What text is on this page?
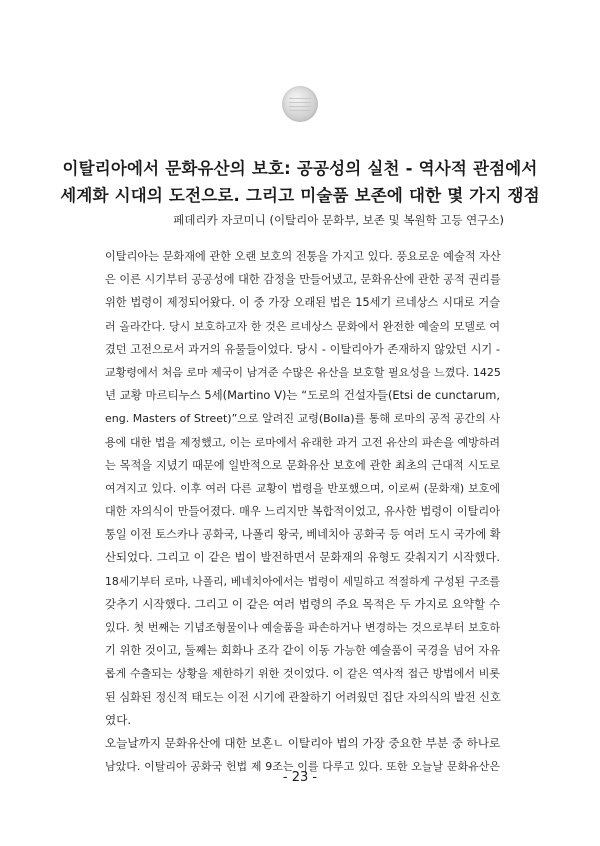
이탈리아에서 문화유산의 보호: 공공성의 실천 - 역사적 관점에서
세계화 시대의 도전으로. 그리고 미술품 보존에 대한 몇 가지 쟁점
페데리카 자코미니 (이탈리아 문화부, 보존 및 복원학 고등 연구소)
이탈리아는 문화재에 관한 오랜 보호의 전통을 가지고 있다. 풍요로운 예술적 자산
은 이른 시기부터 공공성에 대한 감정을 만들어냈고, 문화유산에 관한 공적 권리를
위한 법령이 제정되어왔다. 이 중 가장 오래된 법은 15세기 르네상스 시대로 거슬
러 올라간다. 당시 보호하고자 한 것은 르네상스 문화에서 완전한 예술의 모델로 여
겼던 고전으로서 과거의 유물들이었다. 당시 - 이탈리아가 존재하지 않았던 시기 -
교황령에서 처음 로마 제국이 남겨준 수많은 유산을 보호할 필요성을 느꼈다. 1425
년 교황 마르티누스 5세(Martino V)는 “도로의 건설자들(Etsi de cunctarum,
eng. Masters of Street)”으로 알려진 교령(Bolla)를 통해 로마의 공적 공간의 사
용에 대한 법을 제정했고, 이는 로마에서 유래한 과거 고전 유산의 파손을 예방하려
는 목적을 지녔기 때문에 일반적으로 문화유산 보호에 관한 최초의 근대적 시도로
여겨지고 있다. 이후 여러 다른 교황이 법령을 반포했으며, 이로써 (문화재) 보호에
대한 자의식이 만들어졌다. 매우 느리지만 복합적이었고, 유사한 법령이 이탈리아
통일 이전 토스카나 공화국, 나폴리 왕국, 베네치아 공화국 등 여러 도시 국가에 확
산되었다. 그리고 이 같은 법이 발전하면서 문화재의 유형도 갖춰지기 시작했다.
18세기부터 로마, 나폴리, 베네치아에서는 법령이 세밀하고 적절하게 구성된 구조를
갖추기 시작했다. 그리고 이 같은 여러 법령의 주요 목적은 두 가지로 요약할 수
있다. 첫 번째는 기념조형물이나 예술품을 파손하거나 변경하는 것으로부터 보호하
기 위한 것이고, 둘째는 회화나 조각 같이 이동 가능한 예술품이 국경을 넘어 자유
롭게 수출되는 상황을 제한하기 위한 것이었다. 이 같은 역사적 접근 방법에서 비롯
된 심화된 정신적 태도는 이전 시기에 관찰하기 어려웠던 집단 자의식의 발전 신호
였다.
오늘날까지 문화유산에 대한 보혼ㄴ 이탈리아 법의 가장 중요한 부분 중 하나로
남았다. 이탈리아 공화국 헌법 제 9조는 이를 다루고 있다. 또한 오늘날 문화유산은
- 23 -
